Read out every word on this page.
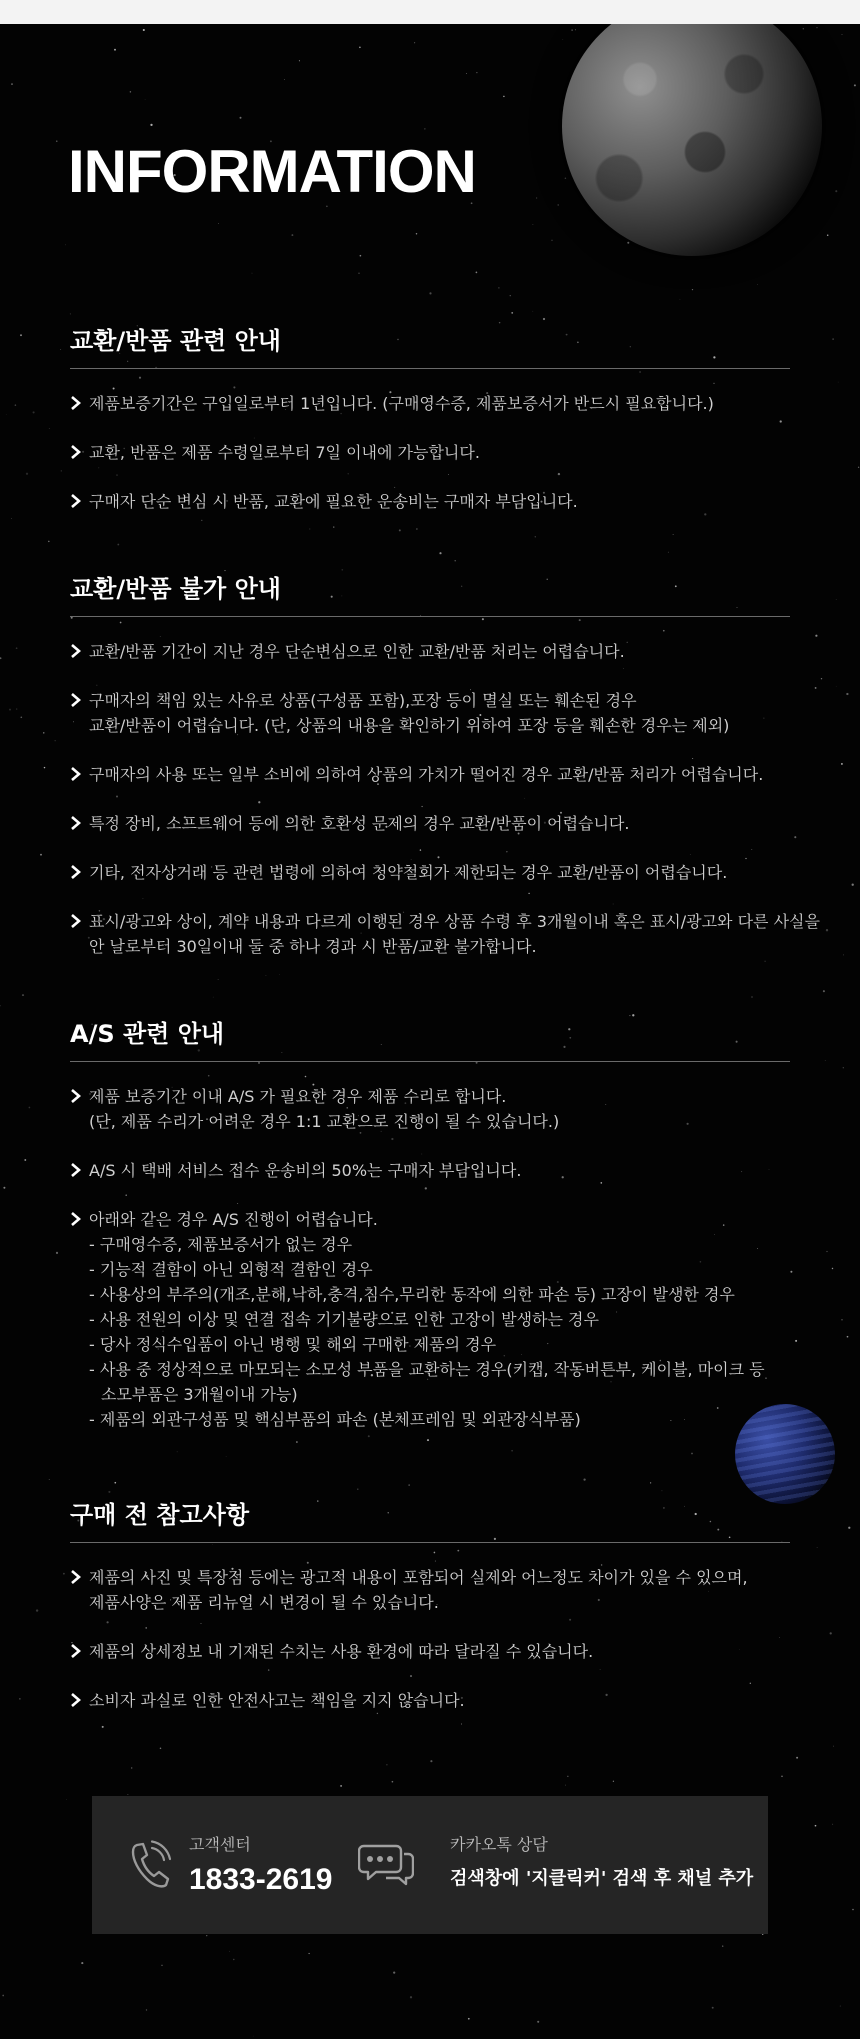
INFORMATION
교환/반품 관련 안내
제품보증기간은 구입일로부터 1년입니다. (구매영수증, 제품보증서가 반드시 필요합니다.)
교환, 반품은 제품 수령일로부터 7일 이내에 가능합니다.
구매자 단순 변심 시 반품, 교환에 필요한 운송비는 구매자 부담입니다.
교환/반품 불가 안내
교환/반품 기간이 지난 경우 단순변심으로 인한 교환/반품 처리는 어렵습니다.
구매자의 책임 있는 사유로 상품(구성품 포함),포장 등이 멸실 또는 훼손된 경우
교환/반품이 어렵습니다. (단, 상품의 내용을 확인하기 위하여 포장 등을 훼손한 경우는 제외)
구매자의 사용 또는 일부 소비에 의하여 상품의 가치가 떨어진 경우 교환/반품 처리가 어렵습니다.
특정 장비, 소프트웨어 등에 의한 호환성 문제의 경우 교환/반품이 어렵습니다.
기타, 전자상거래 등 관련 법령에 의하여 청약철회가 제한되는 경우 교환/반품이 어렵습니다.
표시/광고와 상이, 계약 내용과 다르게 이행된 경우 상품 수령 후 3개월이내 혹은 표시/광고와 다른 사실을
안 날로부터 30일이내 둘 중 하나 경과 시 반품/교환 불가합니다.
A/S 관련 안내
제품 보증기간 이내 A/S 가 필요한 경우 제품 수리로 합니다.
(단, 제품 수리가 어려운 경우 1:1 교환으로 진행이 될 수 있습니다.)
A/S 시 택배 서비스 접수 운송비의 50%는 구매자 부담입니다.
아래와 같은 경우 A/S 진행이 어렵습니다.
- 구매영수증, 제품보증서가 없는 경우
- 기능적 결함이 아닌 외형적 결함인 경우
- 사용상의 부주의(개조,분해,낙하,충격,침수,무리한 동작에 의한 파손 등) 고장이 발생한 경우
- 사용 전원의 이상 및 연결 접속 기기불량으로 인한 고장이 발생하는 경우
- 당사 정식수입품이 아닌 병행 및 해외 구매한 제품의 경우
- 사용 중 정상적으로 마모되는 소모성 부품을 교환하는 경우(키캡, 작동버튼부, 케이블, 마이크 등
소모부품은 3개월이내 가능)
- 제품의 외관구성품 및 핵심부품의 파손 (본체프레임 및 외관장식부품)
구매 전 참고사항
제품의 사진 및 특장점 등에는 광고적 내용이 포함되어 실제와 어느정도 차이가 있을 수 있으며,
제품사양은 제품 리뉴얼 시 변경이 될 수 있습니다.
제품의 상세정보 내 기재된 수치는 사용 환경에 따라 달라질 수 있습니다.
소비자 과실로 인한 안전사고는 책임을 지지 않습니다.
고객센터
1833-2619
카카오톡 상담
검색창에 '지클릭커' 검색 후 채널 추가
